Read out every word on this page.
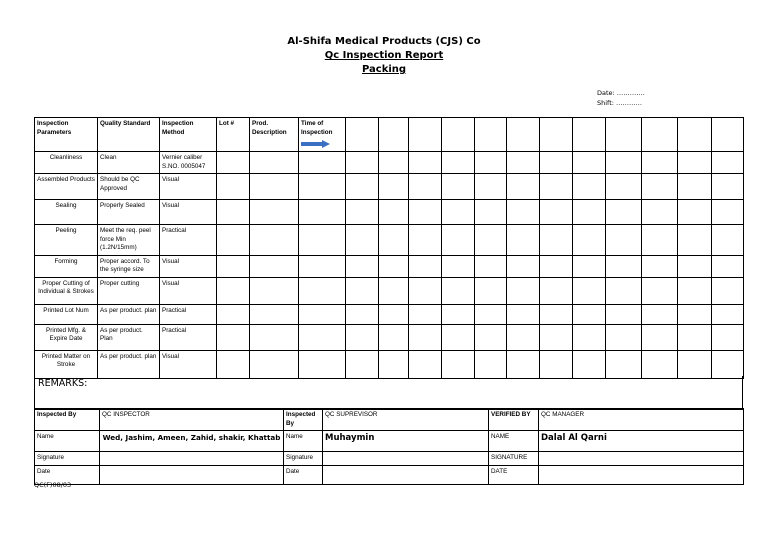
Al-Shifa Medical Products (CJS) Co
Qc Inspection Report
Packing
Date: ………….
Shift: …………
Inspection Parameters	Quality Standard	Inspection Method	Lot #	Prod. Description	Time of Inspection

Cleanliness	Clean	Vernier caliber S.NO. 0005047															
Assembled Products	Should be QC Approved	Visual															
Sealing	Properly Sealed	Visual															
Peeling	Meet the req. peel force Min (1.2N/15mm)	Practical															
Forming	Proper accord. To the syringe size	Visual															
Proper Cutting of Individual & Strokes	Proper cutting	Visual															
Printed Lot Num	As per product. plan	Practical															
Printed Mfg. & Expire Date	As per product. Plan	Practical															
Printed Matter on Stroke	As per product. plan	Visual															
REMARKS:
Inspected By	QC INSPECTOR	Inspected By	QC SUPREVISOR	VERIFIED BY	QC MANAGER
Name	Wed, Jashim, Ameen, Zahid, shakir, Khattab	Name	Muhaymin	NAME	Dalal Al Qarni
Signature		Signature		SIGNATURE	
Date		Date		DATE	
QC(F)08/03
